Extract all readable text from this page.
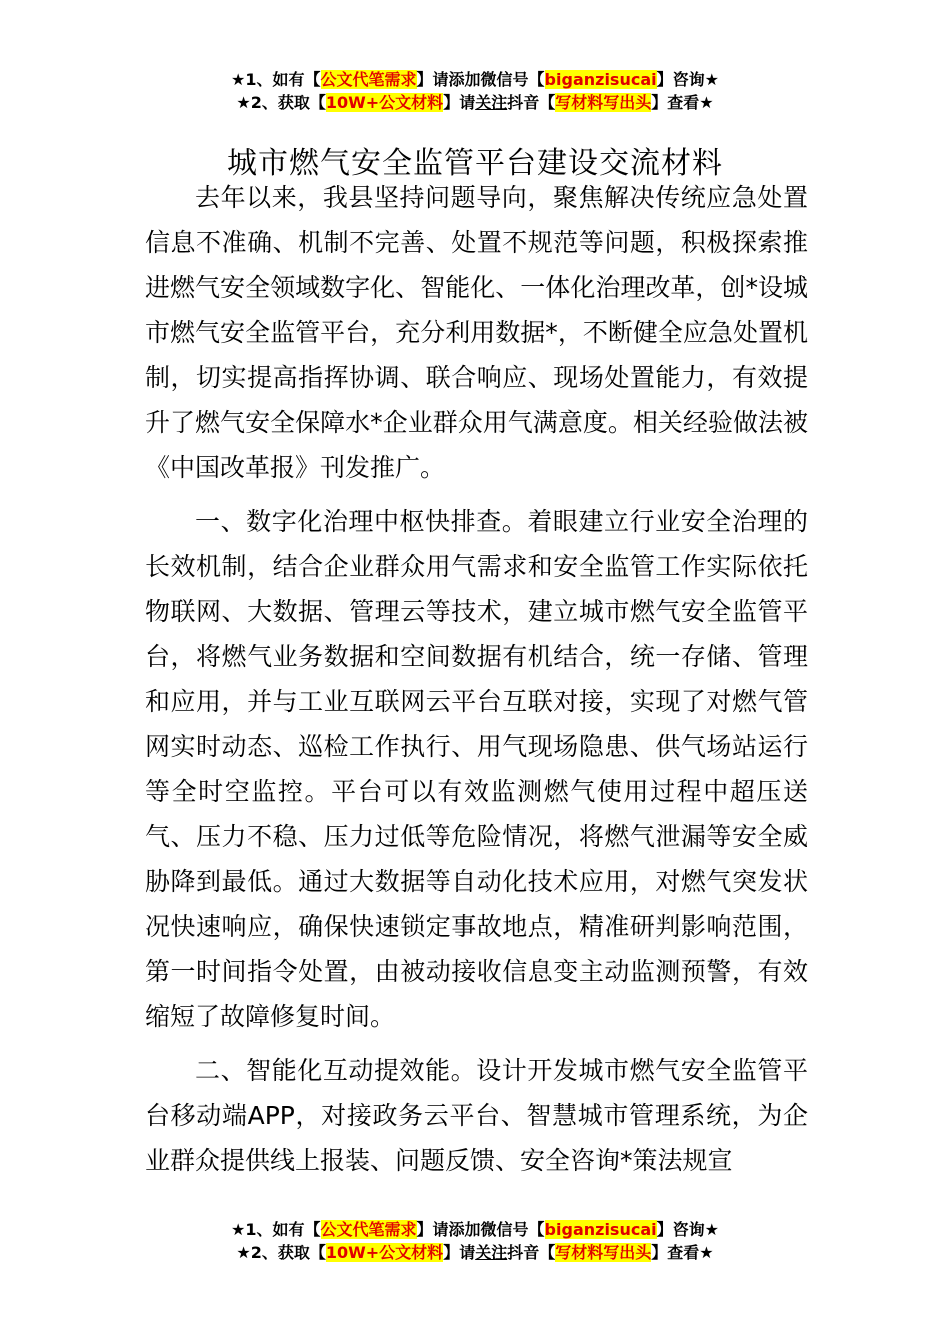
★1、如有【公文代笔需求】请添加微信号【biganzisucai】咨询★
★2、获取【10W+公文材料】请关注抖音【写材料写出头】查看★
城市燃气安全监管平台建设交流材料

去年以来，我县坚持问题导向，聚焦解决传统应急处置信息不准确、机制不完善、处置不规范等问题，积极探索推进燃气安全领域数字化、智能化、一体化治理改革，创*设城市燃气安全监管平台，充分利用数据*，不断健全应急处置机制，切实提高指挥协调、联合响应、现场处置能力，有效提升了燃气安全保障水*企业群众用气满意度。相关经验做法被《中国改革报》刊发推广。

一、数字化治理中枢快排查。着眼建立行业安全治理的长效机制，结合企业群众用气需求和安全监管工作实际依托物联网、大数据、管理云等技术，建立城市燃气安全监管平台，将燃气业务数据和空间数据有机结合，统一存储、管理和应用，并与工业互联网云平台互联对接，实现了对燃气管网实时动态、巡检工作执行、用气现场隐患、供气场站运行等全时空监控。平台可以有效监测燃气使用过程中超压送气、压力不稳、压力过低等危险情况，将燃气泄漏等安全威胁降到最低。通过大数据等自动化技术应用，对燃气突发状况快速响应，确保快速锁定事故地点，精准研判影响范围，第一时间指令处置，由被动接收信息变主动监测预警，有效缩短了故障修复时间。

二、智能化互动提效能。设计开发城市燃气安全监管平台移动端APP，对接政务云平台、智慧城市管理系统，为企业群众提供线上报装、问题反馈、安全咨询*策法规宣

★1、如有【公文代笔需求】请添加微信号【biganzisucai】咨询★
★2、获取【10W+公文材料】请关注抖音【写材料写出头】查看★
